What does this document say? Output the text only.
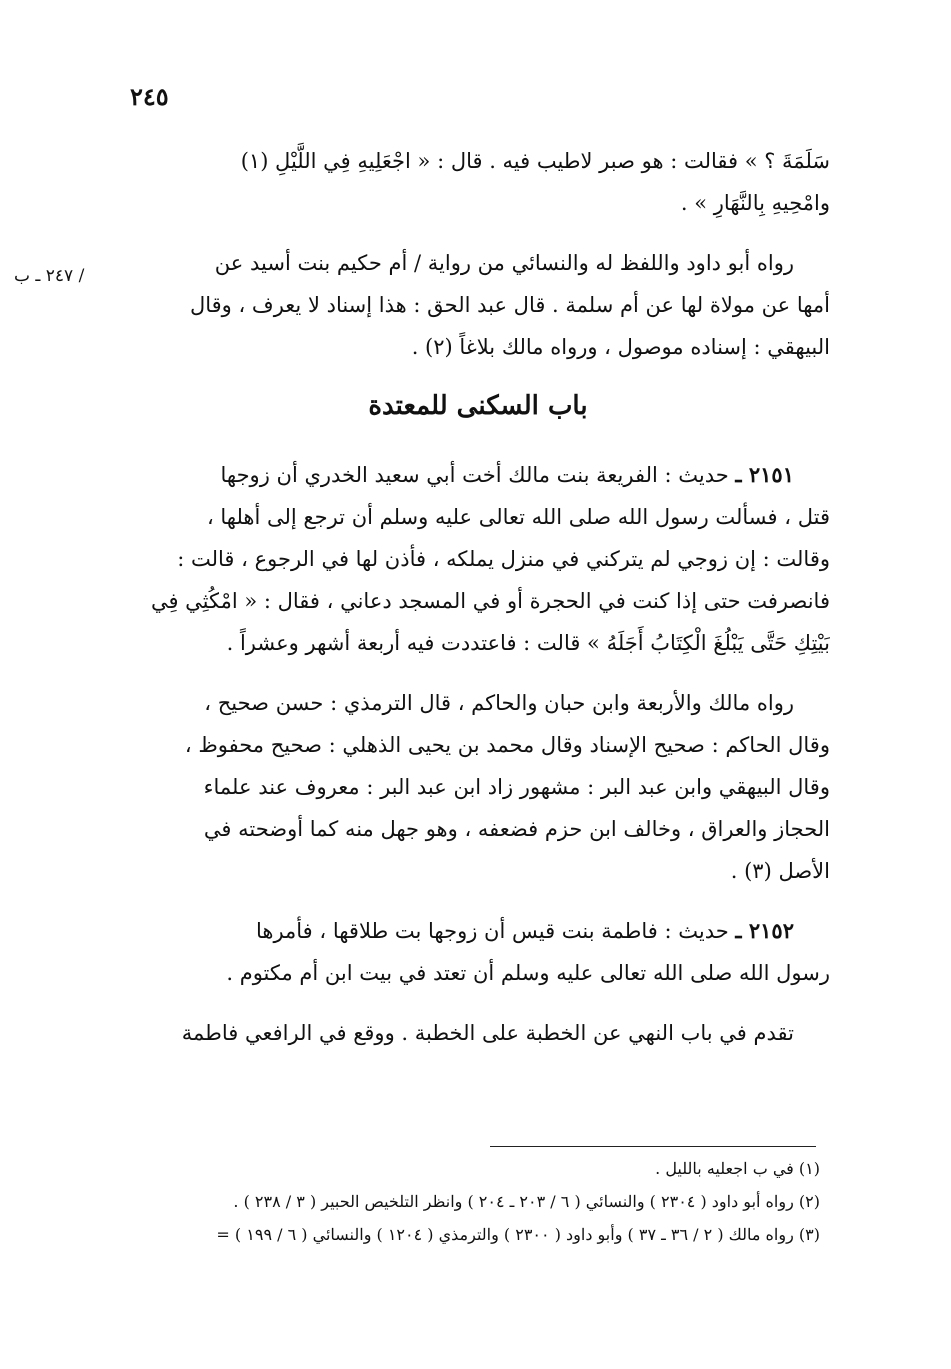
٢٤٥
/ ٢٤٧ ـ ب
سَلَمَةَ ؟ » فقالت : هو صبر لاطيب فيه . قال : « اجْعَلِيهِ فِي اللَّيْلِ (١)
وامْحِيهِ بِالنَّهَارِ » .
رواه أبو داود واللفظ له والنسائي من رواية / أم حكيم بنت أسيد عن
أمها عن مولاة لها عن أم سلمة . قال عبد الحق : هذا إسناد لا يعرف ، وقال
البيهقي : إسناده موصول ، ورواه مالك بلاغاً (٢) .
باب السكنى للمعتدة
٢١٥١ ـ حديث : الفريعة بنت مالك أخت أبي سعيد الخدري أن زوجها
قتل ، فسألت رسول الله صلى الله تعالى عليه وسلم أن ترجع إلى أهلها ،
وقالت : إن زوجي لم يتركني في منزل يملكه ، فأذن لها في الرجوع ، قالت :
فانصرفت حتى إذا كنت في الحجرة أو في المسجد دعاني ، فقال : « امْكُثِي فِي
بَيْتِكِ حَتَّى يَبْلُغَ الْكِتَابُ أَجَلَهُ » قالت : فاعتددت فيه أربعة أشهر وعشراً .
رواه مالك والأربعة وابن حبان والحاكم ، قال الترمذي : حسن صحيح ،
وقال الحاكم : صحيح الإسناد وقال محمد بن يحيى الذهلي : صحيح محفوظ ،
وقال البيهقي وابن عبد البر : مشهور زاد ابن عبد البر : معروف عند علماء
الحجاز والعراق ، وخالف ابن حزم فضعفه ، وهو جهل منه كما أوضحته في
الأصل (٣) .
٢١٥٢ ـ حديث : فاطمة بنت قيس أن زوجها بت طلاقها ، فأمرها
رسول الله صلى الله تعالى عليه وسلم أن تعتد في بيت ابن أم مكتوم .
تقدم في باب النهي عن الخطبة على الخطبة . ووقع في الرافعي فاطمة
(١) في ب اجعليه بالليل .
(٢) رواه أبو داود ( ٢٣٠٤ ) والنسائي ( ٦ / ٢٠٣ ـ ٢٠٤ ) وانظر التلخيص الحبير ( ٣ / ٢٣٨ ) .
(٣) رواه مالك ( ٢ / ٣٦ ـ ٣٧ ) وأبو داود ( ٢٣٠٠ ) والترمذي ( ١٢٠٤ ) والنسائي ( ٦ / ١٩٩ ) =
